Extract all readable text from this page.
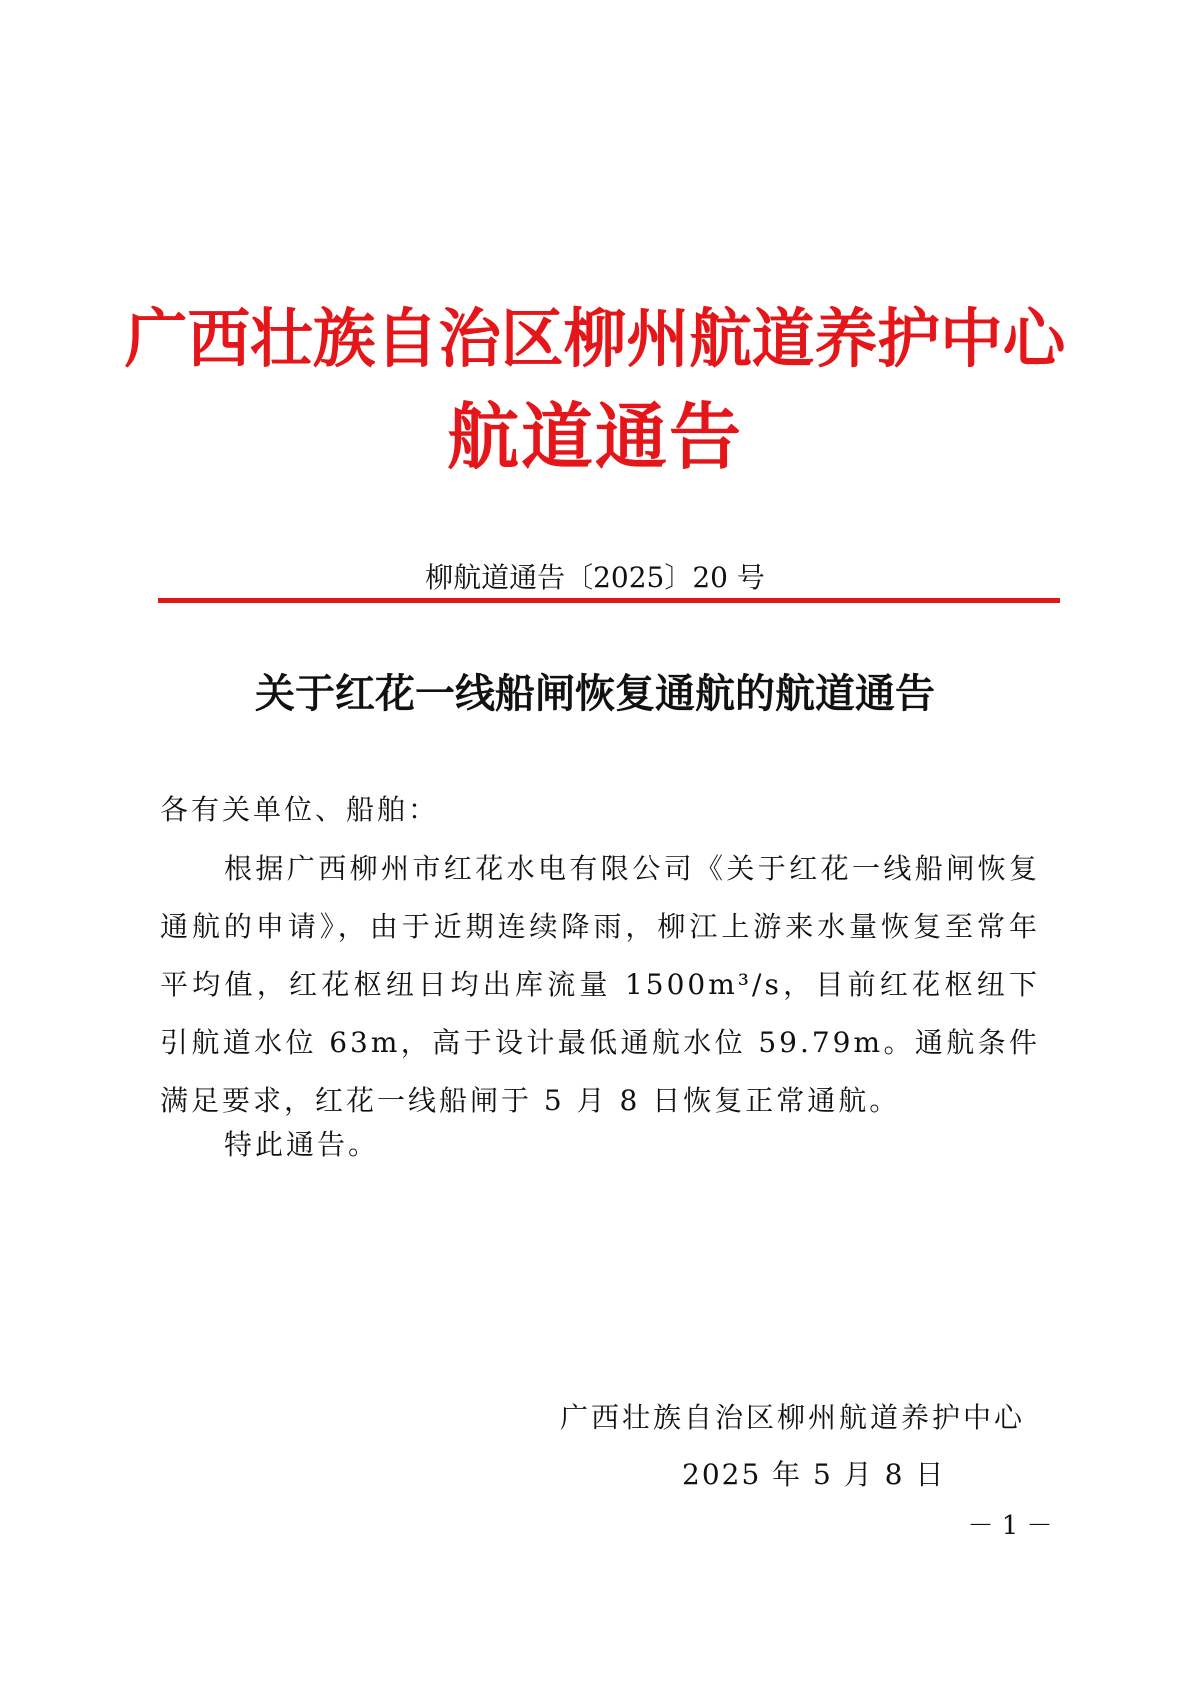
广西壮族自治区柳州航道养护中心
航道通告
柳航道通告〔2025〕20 号
关于红花一线船闸恢复通航的航道通告
各有关单位、船舶：
根据广西柳州市红花水电有限公司《关于红花一线船闸恢复通航的申请》，由于近期连续降雨，柳江上游来水量恢复至常年平均值，红花枢纽日均出库流量 1500m³/s，目前红花枢纽下引航道水位 63m，高于设计最低通航水位 59.79m。通航条件满足要求，红花一线船闸于 5 月 8 日恢复正常通航。
特此通告。
广西壮族自治区柳州航道养护中心
2025 年 5 月 8 日
－ 1 －
